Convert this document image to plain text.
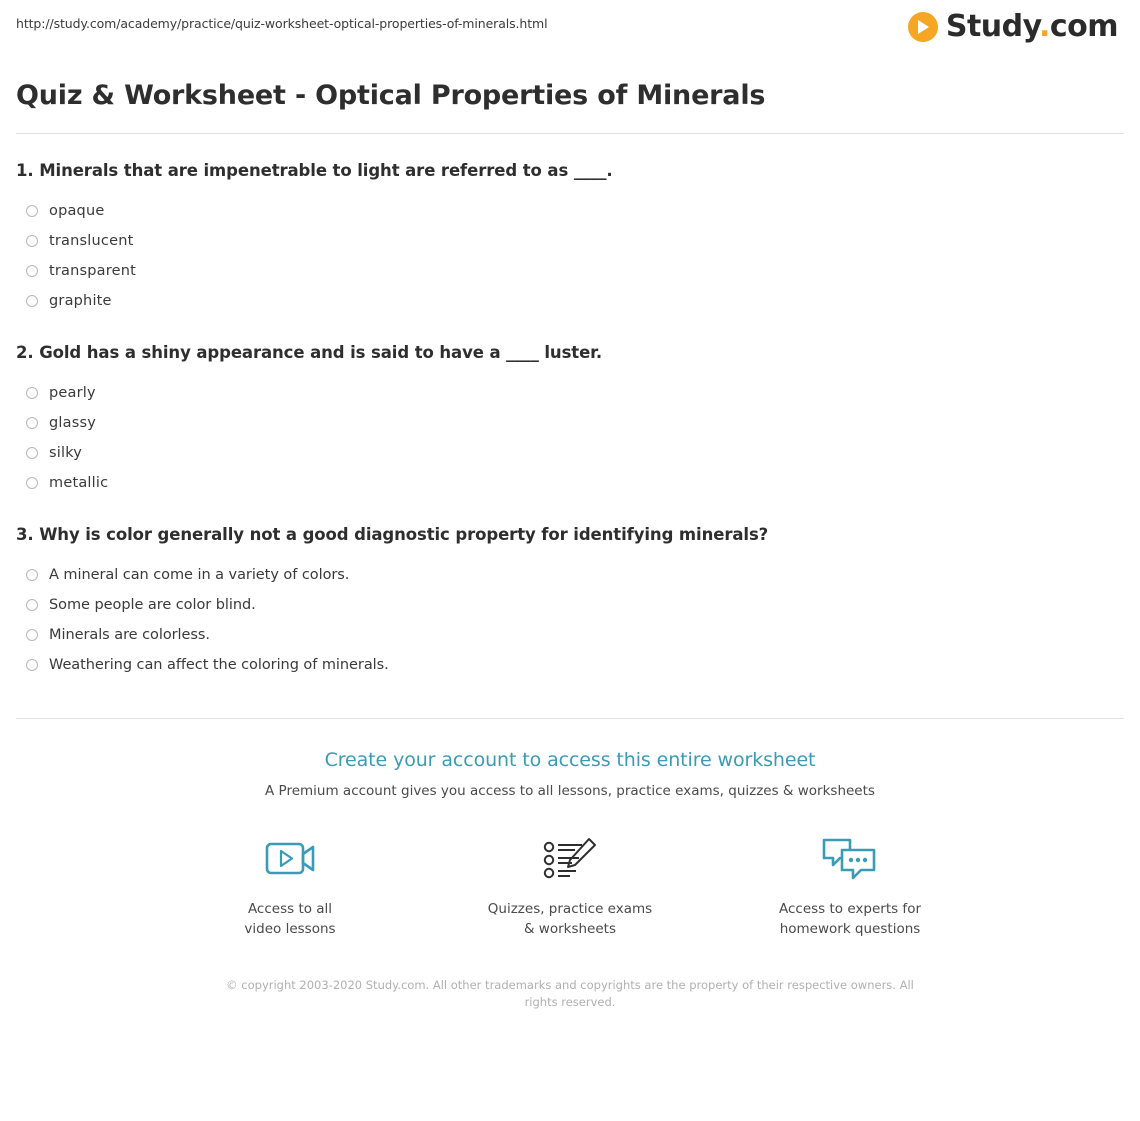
http://study.com/academy/practice/quiz-worksheet-optical-properties-of-minerals.html	Study.com
Quiz & Worksheet - Optical Properties of Minerals
1. Minerals that are impenetrable to light are referred to as ____.
opaque
translucent
transparent
graphite
2. Gold has a shiny appearance and is said to have a ____ luster.
pearly
glassy
silky
metallic
3. Why is color generally not a good diagnostic property for identifying minerals?
A mineral can come in a variety of colors.
Some people are color blind.
Minerals are colorless.
Weathering can affect the coloring of minerals.
Create your account to access this entire worksheet
A Premium account gives you access to all lessons, practice exams, quizzes & worksheets
Access to all
video lessons
Quizzes, practice exams
& worksheets
Access to experts for
homework questions
© copyright 2003-2020 Study.com. All other trademarks and copyrights are the property of their respective owners. All rights reserved.
